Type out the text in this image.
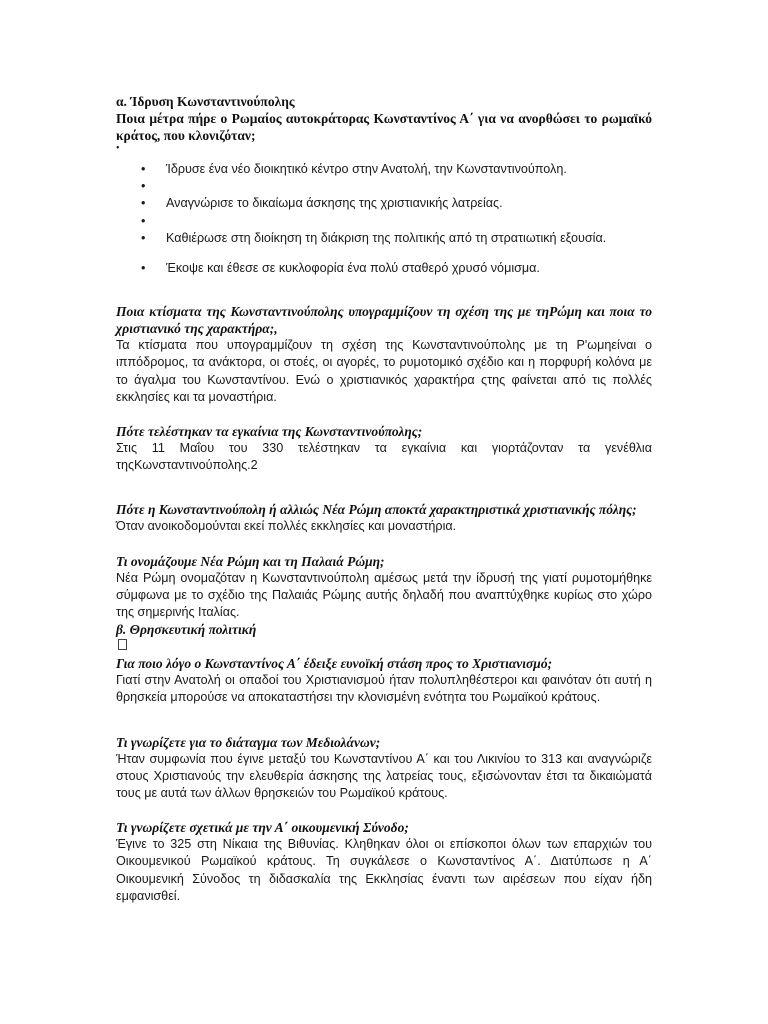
α. Ίδρυση Κωνσταντινούπολης

Ποια μέτρα πήρε ο Ρωμαίος αυτοκράτορας Κωνσταντίνος Α΄ για να ανορθώσει το ρωμαϊκό κράτος, που κλονιζόταν;

•

• Ίδρυσε ένα νέο διοικητικό κέντρο στην Ανατολή, την Κωνσταντινούπολη.
•
• Αναγνώρισε το δικαίωμα άσκησης της χριστιανικής λατρείας.
•
• Καθιέρωσε στη διοίκηση τη διάκριση της πολιτικής από τη στρατιωτική εξουσία.
• Έκοψε και έθεσε σε κυκλοφορία ένα πολύ σταθερό χρυσό νόμισμα.

Ποια κτίσματα της Κωνσταντινούπολης υπογραμμίζουν τη σχέση της με τηΡώμη και ποια το χριστιανικό της χαρακτήρα;,

Τα κτίσματα που υπογραμμίζουν τη σχέση της Κωνσταντινούπολης με τη Ρ'ωμηείναι ο ιππόδρομος, τα ανάκτορα, οι στοές, οι αγορές, το ρυμοτομικό σχέδιο και η πορφυρή κολόνα με το άγαλμα του Κωνσταντίνου. Ενώ ο χριστιανικός χαρακτήρα ςτης φαίνεται από τις πολλές εκκλησίες και τα μοναστήρια.

Πότε τελέστηκαν τα εγκαίνια της Κωνσταντινούπολης;

Στις 11 Μαΐου του 330 τελέστηκαν τα εγκαίνια και γιορτάζονταν τα γενέθλια τηςΚωνσταντινούπολης.2

Πότε η Κωνσταντινούπολη ή αλλιώς Νέα Ρώμη αποκτά χαρακτηριστικά χριστιανικής πόλης;

Όταν ανοικοδομούνται εκεί πολλές εκκλησίες και μοναστήρια.

Τι ονομάζουμε Νέα Ρώμη και τη Παλαιά Ρώμη;

Νέα Ρώμη ονομαζόταν η Κωνσταντινούπολη αμέσως μετά την ίδρυσή της γιατί ρυμοτομήθηκε σύμφωνα με το σχέδιο της Παλαιάς Ρώμης αυτής δηλαδή που αναπτύχθηκε κυρίως στο χώρο της σημερινής Ιταλίας.

β. Θρησκευτική πολιτική

Για ποιο λόγο ο Κωνσταντίνος Α΄ έδειξε ευνοϊκή στάση προς το Χριστιανισμό;

Γιατί στην Ανατολή οι οπαδοί του Χριστιανισμού ήταν πολυπληθέστεροι και φαινόταν ότι αυτή η θρησκεία μπορούσε να αποκαταστήσει την κλονισμένη ενότητα του Ρωμαϊκού κράτους.

Τι γνωρίζετε για το διάταγμα των Μεδιολάνων;

Ήταν συμφωνία που έγινε μεταξύ του Κωνσταντίνου Α΄ και του Λικινίου το 313 και αναγνώριζε στους Χριστιανούς την ελευθερία άσκησης της λατρείας τους, εξισώνονταν έτσι τα δικαιώματά τους με αυτά των άλλων θρησκειών του Ρωμαϊκού κράτους.

Τι γνωρίζετε σχετικά με την Α΄ οικουμενική Σύνοδο;

Έγινε το 325 στη Νίκαια της Βιθυνίας. Κληθηκαν όλοι οι επίσκοποι όλων των επαρχιών του Οικουμενικού Ρωμαϊκού κράτους. Τη συγκάλεσε ο Κωνσταντίνος Α΄. Διατύπωσε η Α΄ Οικουμενική Σύνοδος τη διδασκαλία της Εκκλησίας έναντι των αιρέσεων που είχαν ήδη εμφανισθεί.
